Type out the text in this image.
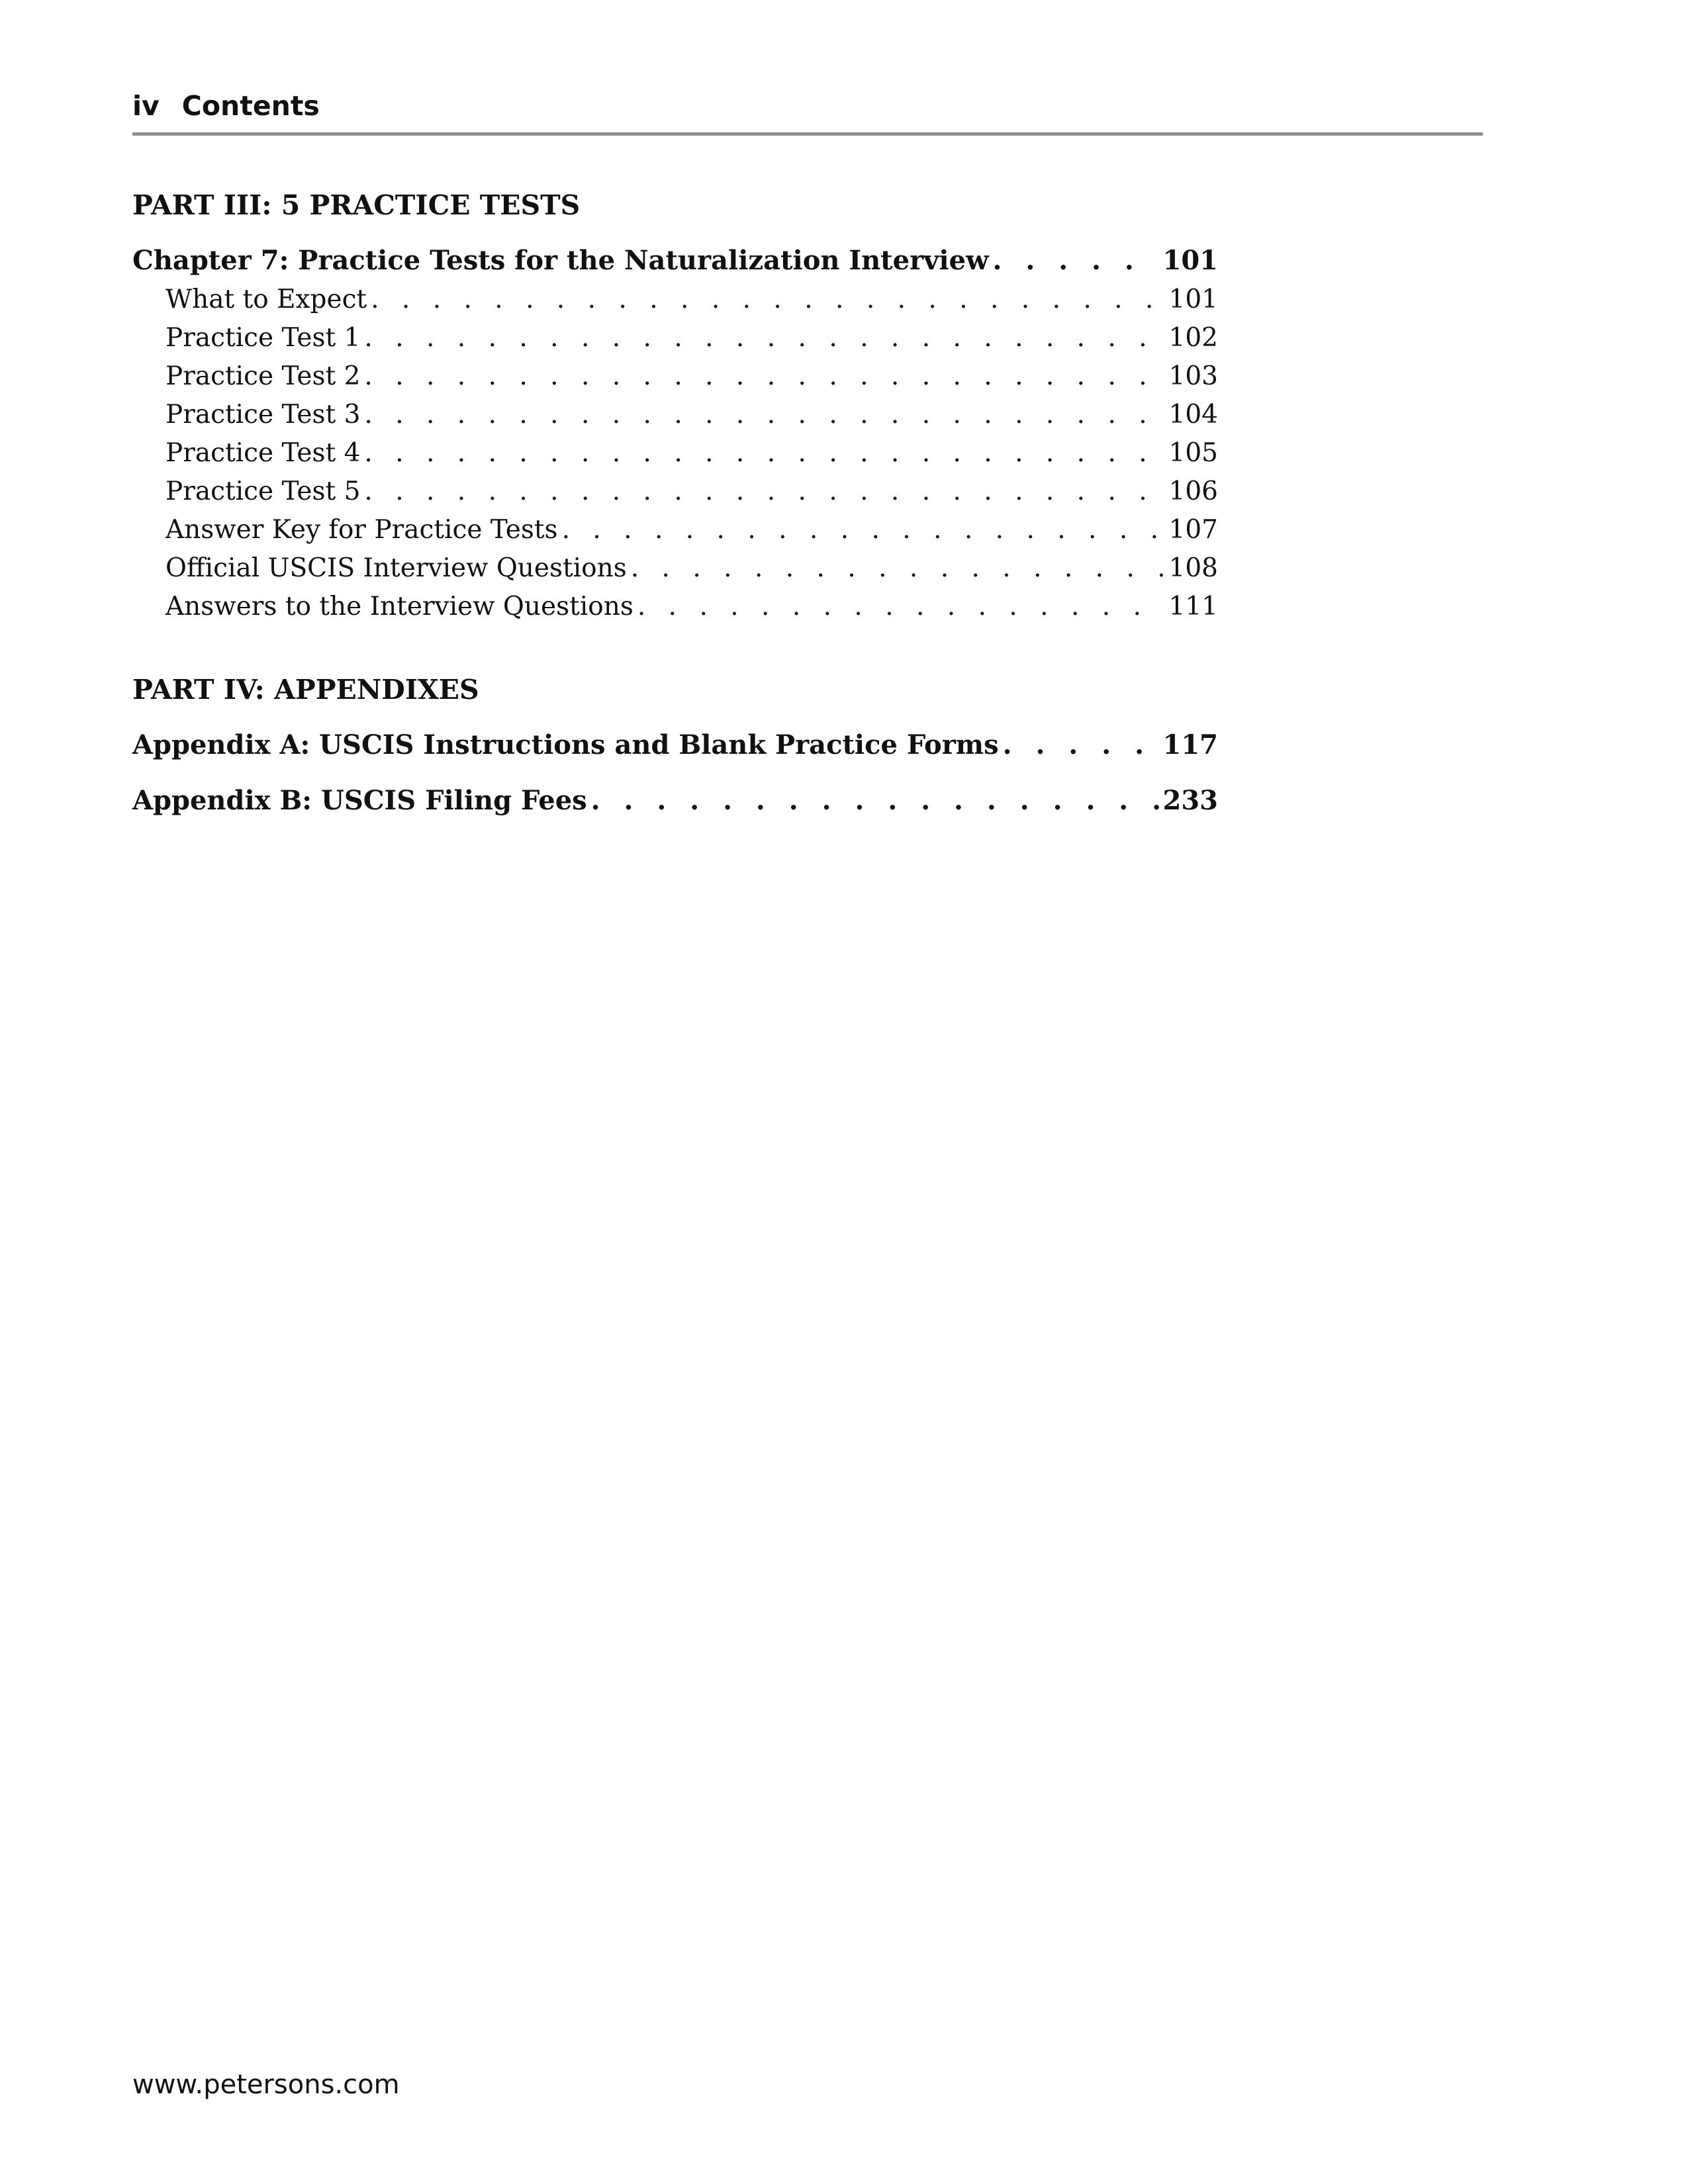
iv Contents
PART III: 5 PRACTICE TESTS
Chapter 7: Practice Tests for the Naturalization Interview . . .	101
What to Expect . . .	101
Practice Test 1 . . .	102
Practice Test 2 . . .	103
Practice Test 3 . . .	104
Practice Test 4 . . .	105
Practice Test 5 . . .	106
Answer Key for Practice Tests . . .	107
Official USCIS Interview Questions . . .	108
Answers to the Interview Questions . . .	111
PART IV: APPENDIXES
Appendix A: USCIS Instructions and Blank Practice Forms . . .	117
Appendix B: USCIS Filing Fees . . .	233
www.petersons.com
